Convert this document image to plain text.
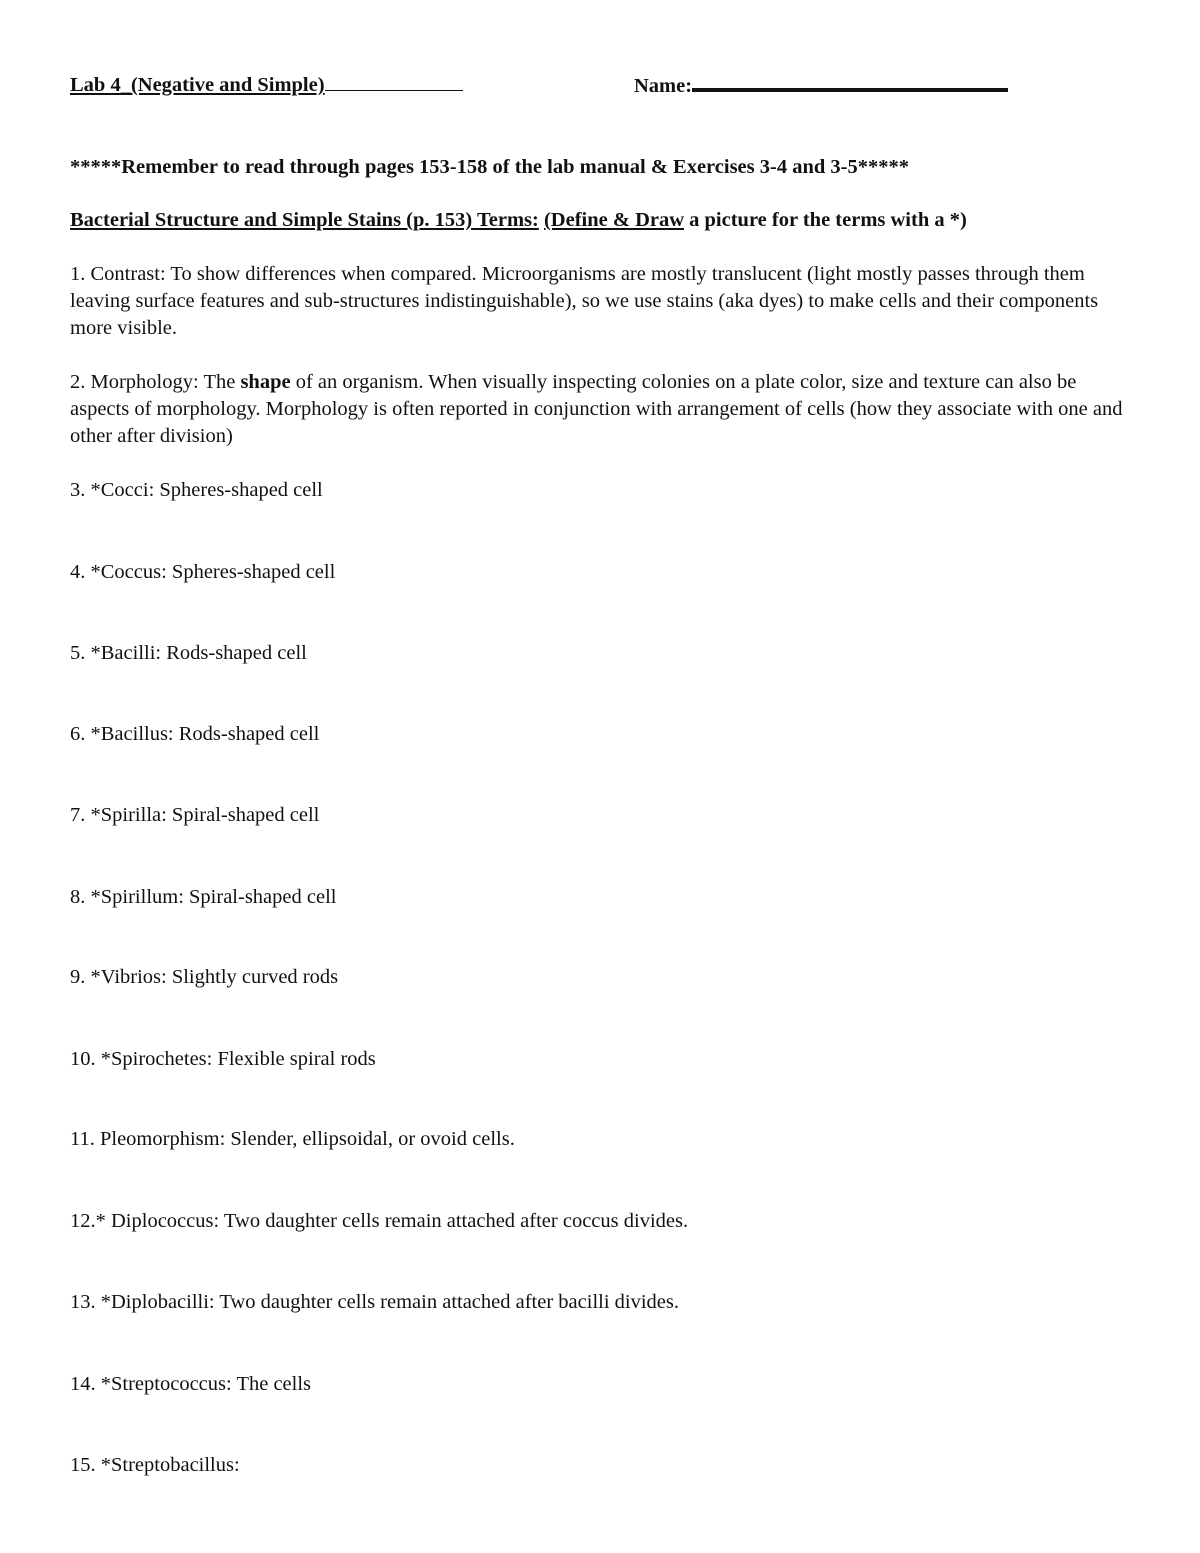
Lab 4_(Negative and Simple)	Name:
*****Remember to read through pages 153-158 of the lab manual & Exercises 3-4 and 3-5*****
Bacterial Structure and Simple Stains (p. 153) Terms: (Define & Draw a picture for the terms with a *)
1. Contrast: To show differences when compared. Microorganisms are mostly translucent (light mostly passes through them leaving surface features and sub-structures indistinguishable), so we use stains (aka dyes) to make cells and their components more visible.
2. Morphology: The shape of an organism. When visually inspecting colonies on a plate color, size and texture can also be aspects of morphology. Morphology is often reported in conjunction with arrangement of cells (how they associate with one and other after division)
3. *Cocci: Spheres-shaped cell
4. *Coccus: Spheres-shaped cell
5. *Bacilli: Rods-shaped cell
6. *Bacillus: Rods-shaped cell
7. *Spirilla: Spiral-shaped cell
8. *Spirillum: Spiral-shaped cell
9. *Vibrios: Slightly curved rods
10. *Spirochetes: Flexible spiral rods
11. Pleomorphism: Slender, ellipsoidal, or ovoid cells.
12.* Diplococcus: Two daughter cells remain attached after coccus divides.
13. *Diplobacilli: Two daughter cells remain attached after bacilli divides.
14. *Streptococcus: The cells
15. *Streptobacillus:
